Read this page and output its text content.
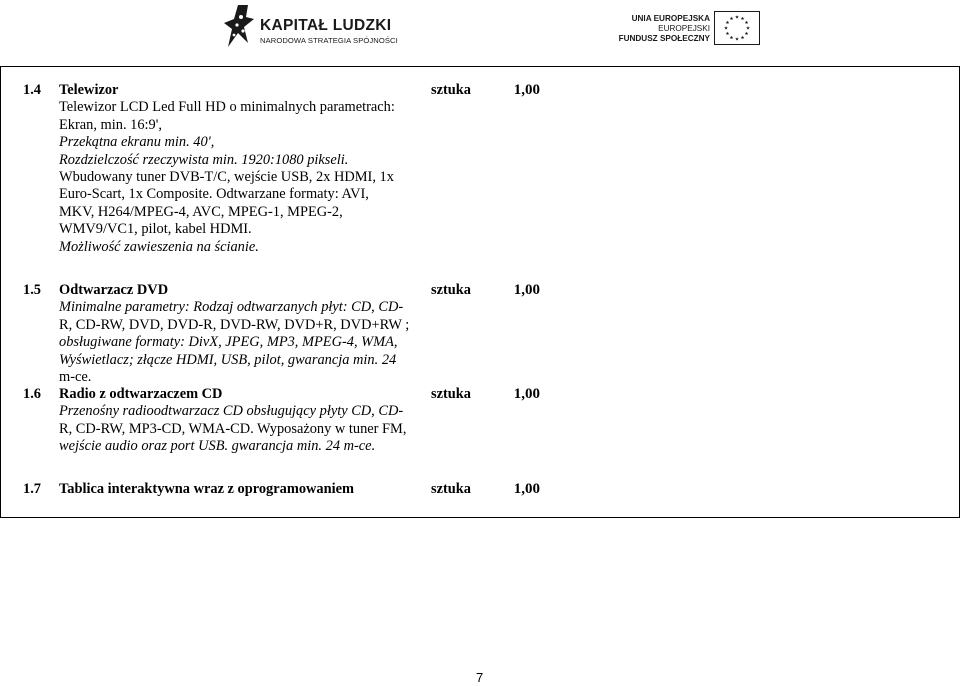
KAPITAŁ LUDZKI
NARODOWA STRATEGIA SPÓJNOŚCI
UNIA EUROPEJSKA
EUROPEJSKI
FUNDUSZ SPOŁECZNY
1.4 Telewizor
Telewizor LCD Led Full HD o minimalnych parametrach:
Ekran, min. 16:9',
Przekątna ekranu min. 40',
Rozdzielczość rzeczywista min. 1920:1080 pikseli.
Wbudowany tuner DVB-T/C, wejście USB, 2x HDMI, 1x
Euro-Scart, 1x Composite. Odtwarzane formaty: AVI,
MKV, H264/MPEG-4, AVC, MPEG-1, MPEG-2,
WMV9/VC1, pilot, kabel HDMI.
Możliwość zawieszenia na ścianie.
sztuka	1,00
1.5 Odtwarzacz DVD
Minimalne parametry: Rodzaj odtwarzanych płyt: CD, CD-
R, CD-RW, DVD, DVD-R, DVD-RW, DVD+R, DVD+RW ;
obsługiwane formaty: DivX, JPEG, MP3, MPEG-4, WMA,
Wyświetlacz; złącze HDMI, USB, pilot, gwarancja min. 24
m-ce.
sztuka	1,00
1.6 Radio z odtwarzaczem CD
Przenośny radioodtwarzacz CD obsługujący płyty CD, CD-
R, CD-RW, MP3-CD, WMA-CD. Wyposażony w tuner FM,
wejście audio oraz port USB. gwarancja min. 24 m-ce.
sztuka	1,00
1.7 Tablica interaktywna wraz z oprogramowaniem	sztuka	1,00
7
